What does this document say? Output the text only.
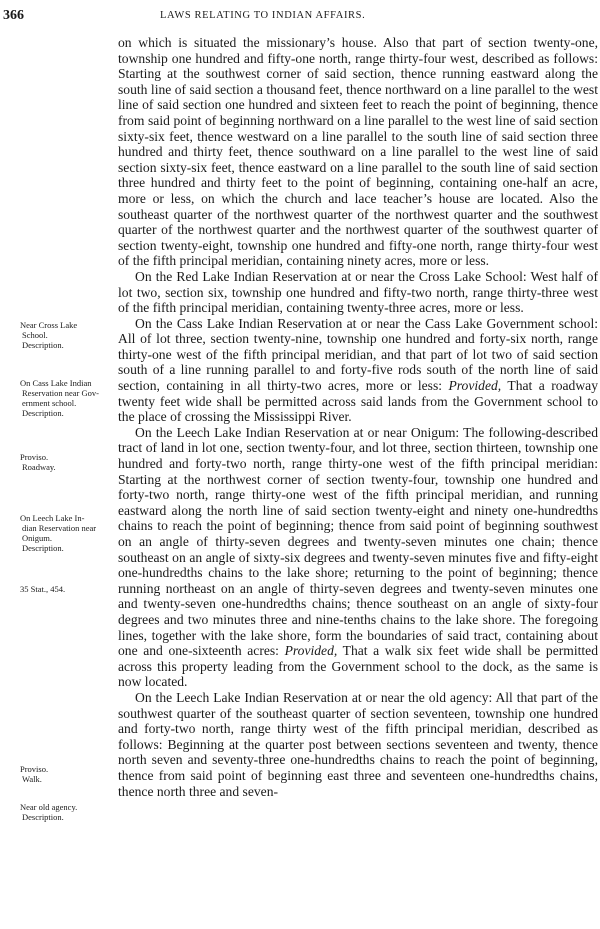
366	LAWS RELATING TO INDIAN AFFAIRS.
Near Cross Lake
School.
Description.
On Cass Lake Indian
Reservation near Gov-
ernment school.
Description.
Proviso.
Roadway.
On Leech Lake In-
dian Reservation near
Onigum.
Description.
35 Stat., 454.
Proviso.
Walk.
Near old agency.
Description.

on which is situated the missionary’s house. Also that part of section twenty-one, township one hundred and fifty-one north, range thirty-four west, described as follows: Starting at the southwest corner of said section, thence running eastward along the south line of said section a thousand feet, thence northward on a line parallel to the west line of said section one hundred and sixteen feet to reach the point of beginning, thence from said point of beginning northward on a line parallel to the west line of said section sixty-six feet, thence westward on a line parallel to the south line of said section three hundred and thirty feet, thence southward on a line parallel to the west line of said section sixty-six feet, thence eastward on a line parallel to the south line of said section three hundred and thirty feet to the point of beginning, containing one-half an acre, more or less, on which the church and lace teacher’s house are located. Also the southeast quarter of the northwest quarter of the northwest quarter and the southwest quarter of the northwest quarter and the northwest quarter of the southwest quarter of section twenty-eight, township one hundred and fifty-one north, range thirty-four west of the fifth principal meridian, containing ninety acres, more or less.

On the Red Lake Indian Reservation at or near the Cross Lake School: West half of lot two, section six, township one hundred and fifty-two north, range thirty-three west of the fifth principal meridian, containing twenty-three acres, more or less.

On the Cass Lake Indian Reservation at or near the Cass Lake Government school: All of lot three, section twenty-nine, township one hundred and forty-six north, range thirty-one west of the fifth principal meridian, and that part of lot two of said section south of a line running parallel to and forty-five rods south of the north line of said section, containing in all thirty-two acres, more or less: Provided, That a roadway twenty feet wide shall be permitted across said lands from the Government school to the place of crossing the Mississippi River.

On the Leech Lake Indian Reservation at or near Onigum: The following-described tract of land in lot one, section twenty-four, and lot three, section thirteen, township one hundred and forty-two north, range thirty-one west of the fifth principal meridian: Starting at the northwest corner of section twenty-four, township one hundred and forty-two north, range thirty-one west of the fifth principal meridian, and running eastward along the north line of said section twenty-eight and ninety one-hundredths chains to reach the point of beginning; thence from said point of beginning southwest on an angle of thirty-seven degrees and twenty-seven minutes one chain; thence southeast on an angle of sixty-six degrees and twenty-seven minutes five and fifty-eight one-hundredths chains to the lake shore; returning to the point of beginning; thence running northeast on an angle of thirty-seven degrees and twenty-seven minutes one and twenty-seven one-hundredths chains; thence southeast on an angle of sixty-four degrees and two minutes three and nine-tenths chains to the lake shore. The foregoing lines, together with the lake shore, form the boundaries of said tract, containing about one and one-sixteenth acres: Provided, That a walk six feet wide shall be permitted across this property leading from the Government school to the dock, as the same is now located.

On the Leech Lake Indian Reservation at or near the old agency: All that part of the southwest quarter of the southeast quarter of section seventeen, township one hundred and forty-two north, range thirty west of the fifth principal meridian, described as follows: Beginning at the quarter post between sections seventeen and twenty, thence north seven and seventy-three one-hundredths chains to reach the point of beginning, thence from said point of beginning east three and seventeen one-hundredths chains, thence north three and seven-
